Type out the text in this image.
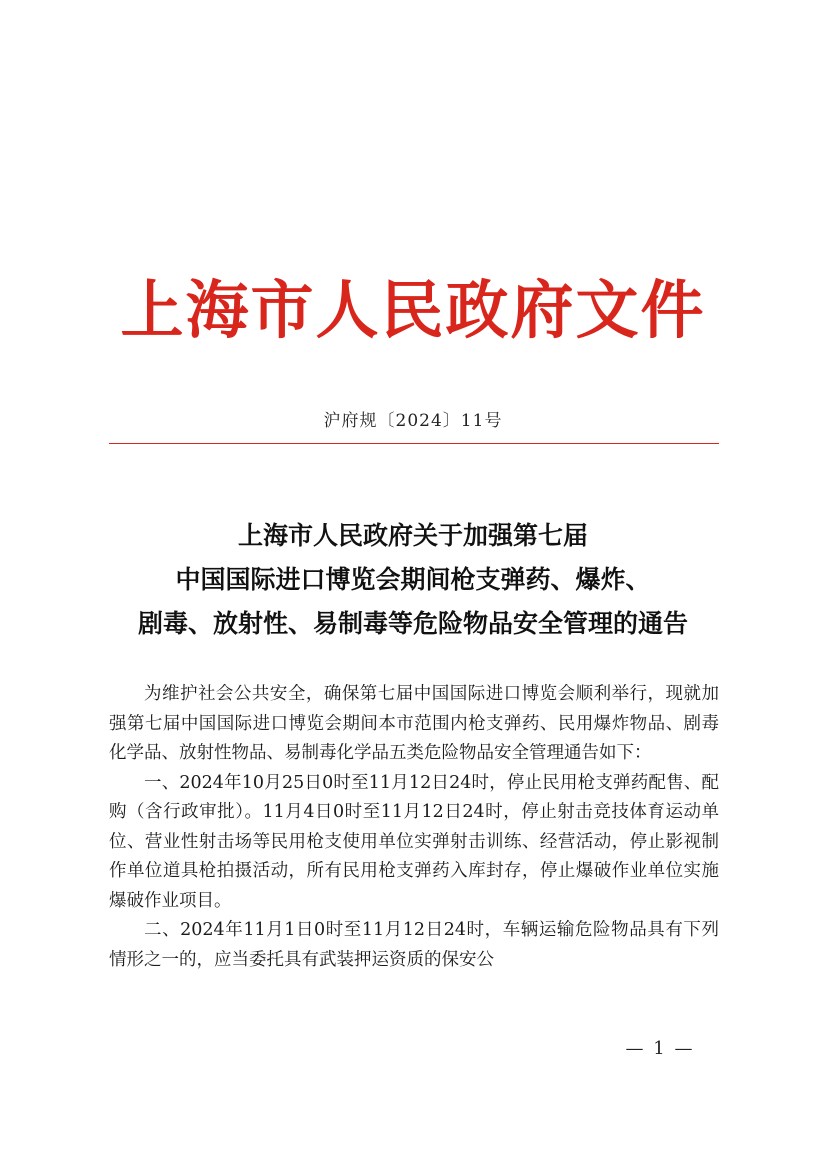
上海市人民政府文件
沪府规〔2024〕11号
上海市人民政府关于加强第七届
中国国际进口博览会期间枪支弹药、爆炸、
剧毒、放射性、易制毒等危险物品安全管理的通告

为维护社会公共安全，确保第七届中国国际进口博览会顺利举行，现就加强第七届中国国际进口博览会期间本市范围内枪支弹药、民用爆炸物品、剧毒化学品、放射性物品、易制毒化学品五类危险物品安全管理通告如下：

一、2024年10月25日0时至11月12日24时，停止民用枪支弹药配售、配购（含行政审批）。11月4日0时至11月12日24时，停止射击竞技体育运动单位、营业性射击场等民用枪支使用单位实弹射击训练、经营活动，停止影视制作单位道具枪拍摄活动，所有民用枪支弹药入库封存，停止爆破作业单位实施爆破作业项目。

二、2024年11月1日0时至11月12日24时，车辆运输危险物品具有下列情形之一的，应当委托具有武装押运资质的保安公

— 1 —
